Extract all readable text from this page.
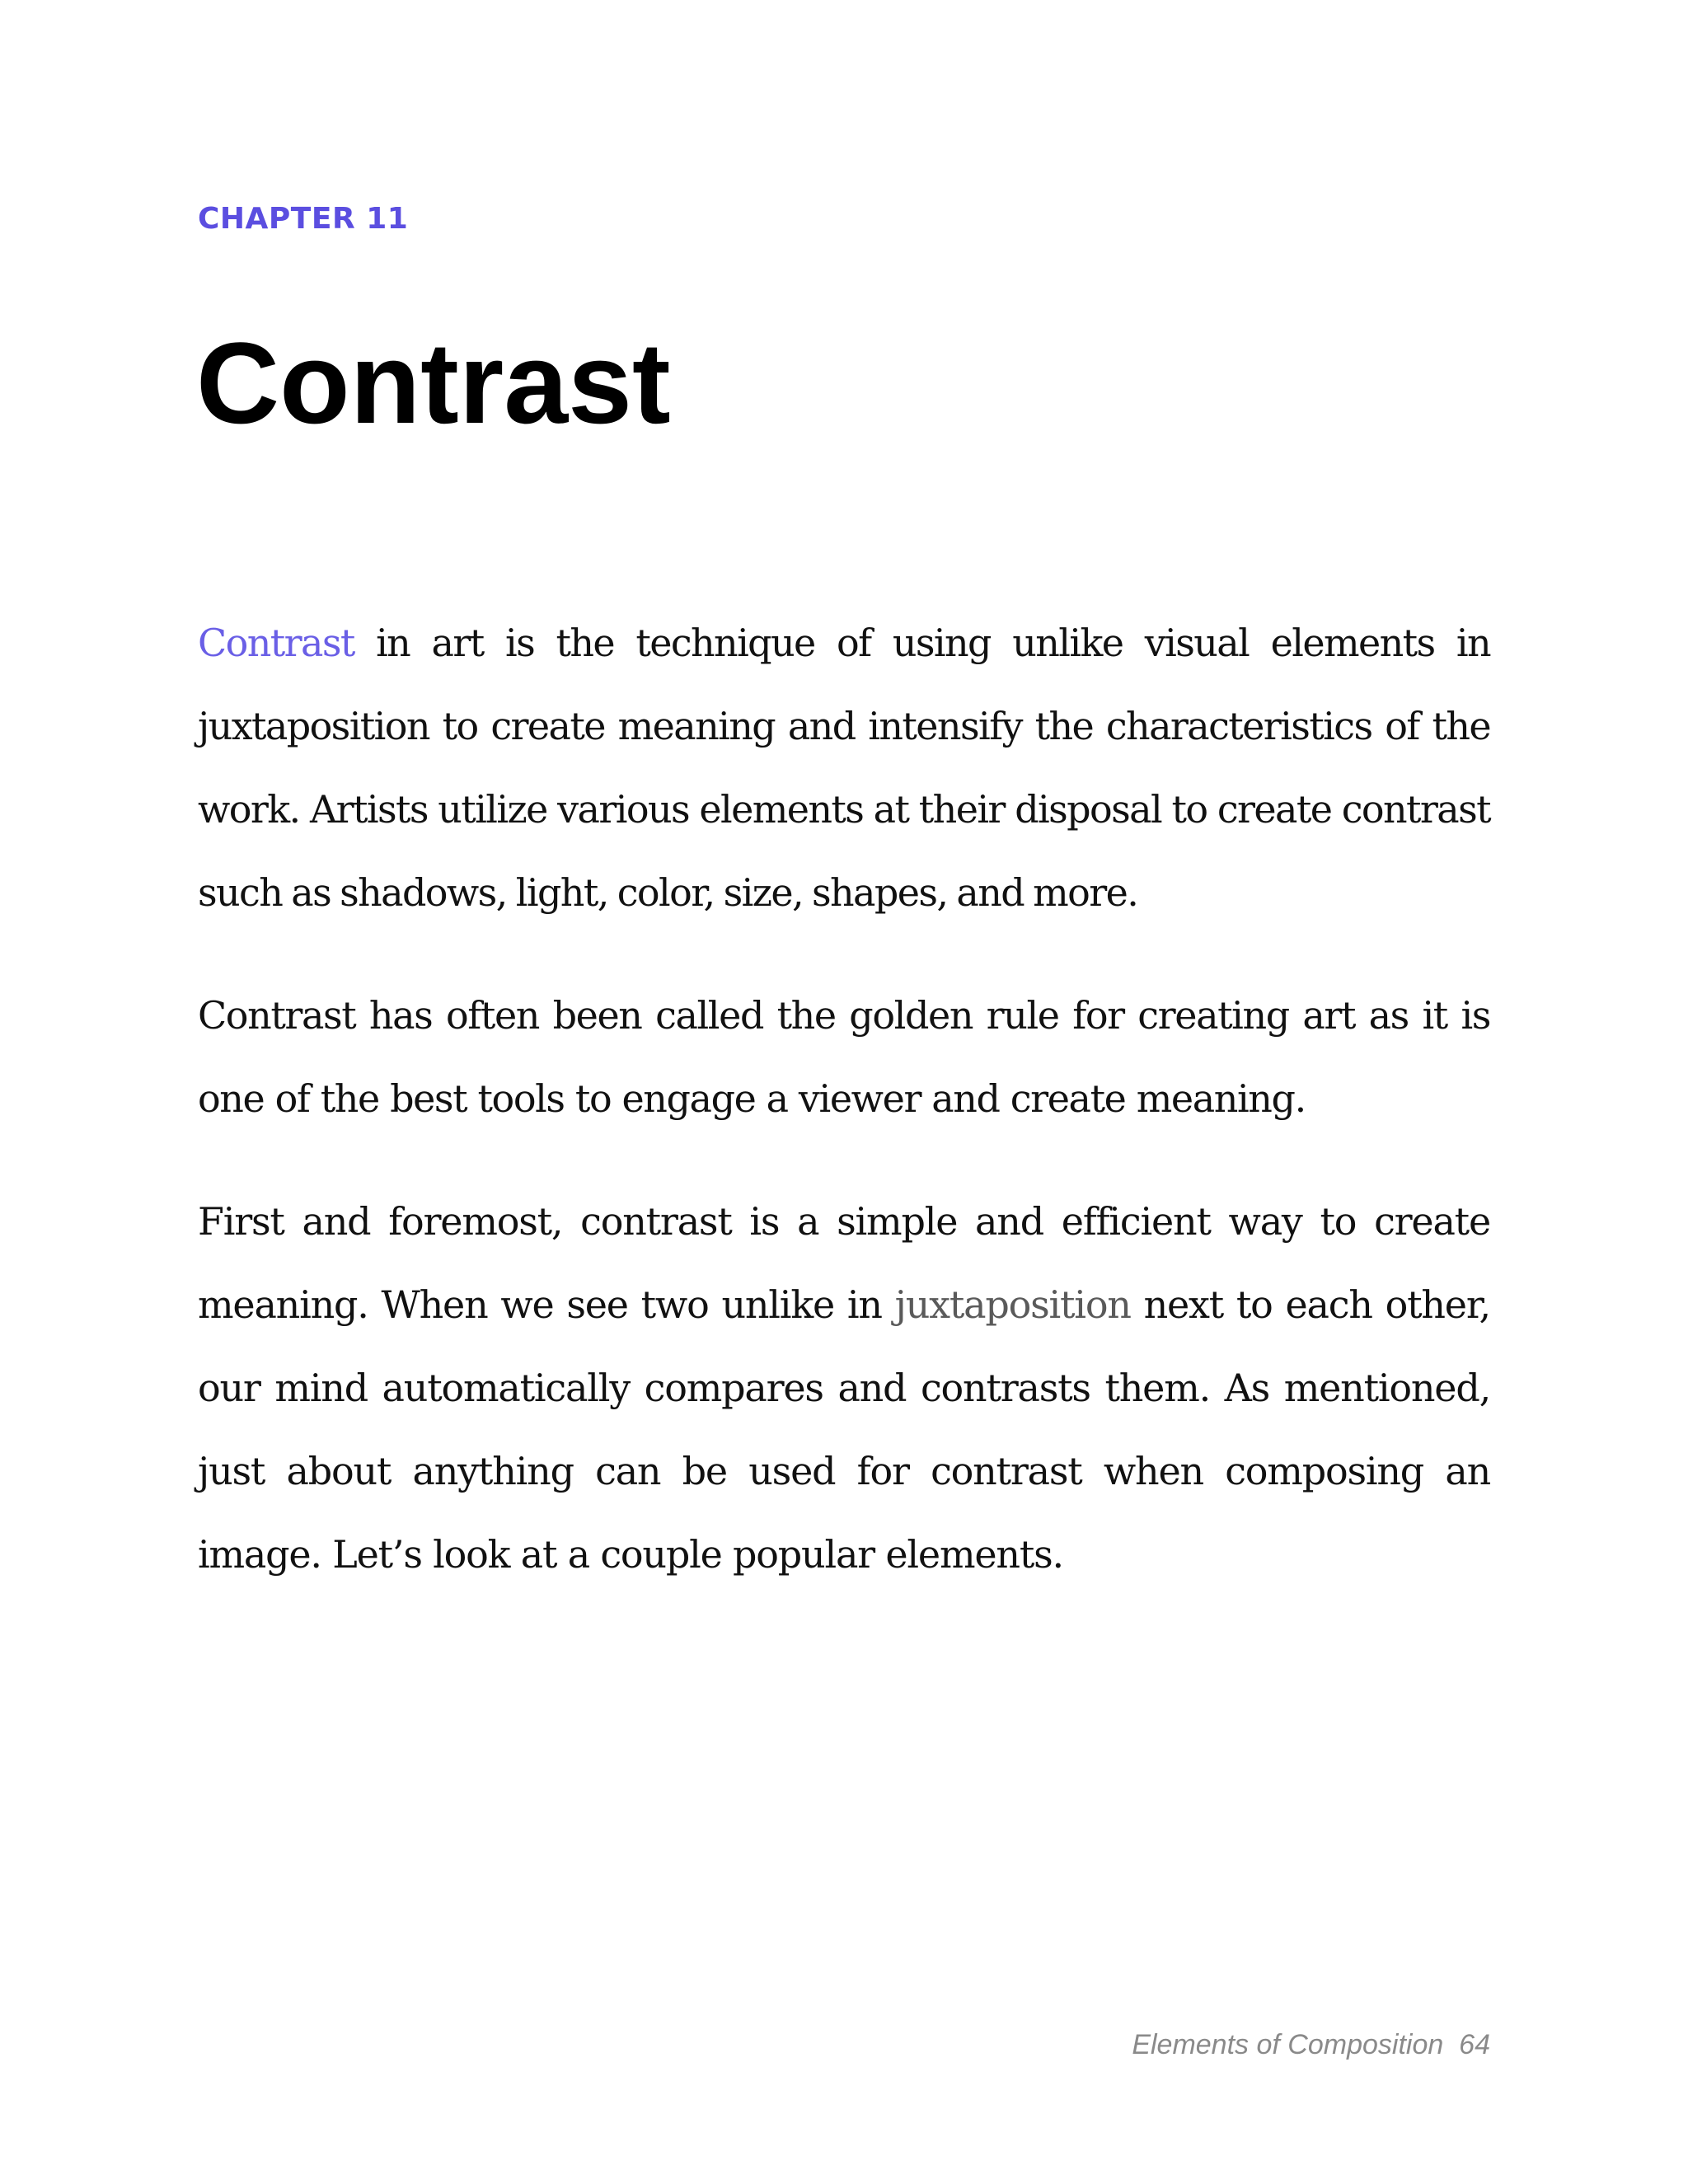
CHAPTER 11
Contrast

Contrast in art is the technique of using unlike visual elements in juxtaposition to create meaning and intensify the characteristics of the work. Artists utilize various elements at their disposal to create contrast such as shadows, light, color, size, shapes, and more.

Contrast has often been called the golden rule for creating art as it is one of the best tools to engage a viewer and create meaning.

First and foremost, contrast is a simple and efficient way to create meaning. When we see two unlike in juxtaposition next to each other, our mind automatically compares and contrasts them. As mentioned, just about anything can be used for contrast when composing an image. Let’s look at a couple popular elements.

Elements of Composition 64
